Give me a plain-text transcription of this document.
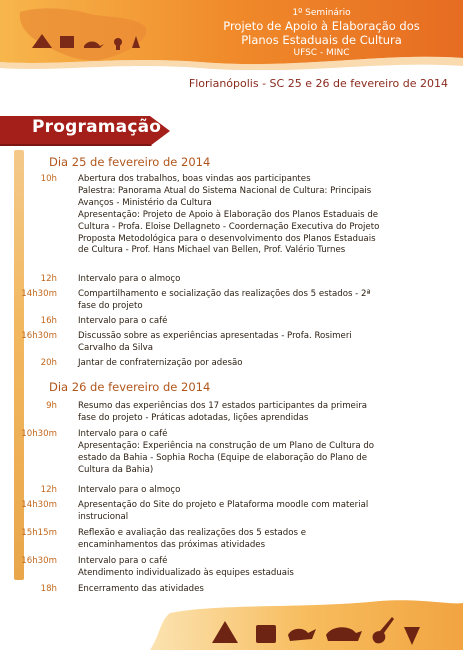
1º Seminário
Projeto de Apoio à Elaboração dos
Planos Estaduais de Cultura
UFSC - MINC
Florianópolis - SC 25 e 26 de fevereiro de 2014
Programação
Dia 25 de fevereiro de 2014
10h Abertura dos trabalhos, boas vindas aos participantes

Palestra: Panorama Atual do Sistema Nacional de Cultura: Principais

Avanços - Ministério da Cultura

Apresentação: Projeto de Apoio à Elaboração dos Planos Estaduais de

Cultura - Profa. Eloise Dellagneto - Coordernação Executiva do Projeto

Proposta Metodológica para o desenvolvimento dos Planos Estaduais

de Cultura - Prof. Hans Michael van Bellen, Prof. Valério Turnes

12h Intervalo para o almoço

14h30m Compartilhamento e socialização das realizações dos 5 estados - 2ª

fase do projeto

16h Intervalo para o café

16h30m Discussão sobre as experiências apresentadas - Profa. Rosimeri

Carvalho da Silva

20h Jantar de confraternização por adesão

Dia 26 de fevereiro de 2014
9h Resumo das experiências dos 17 estados participantes da primeira

fase do projeto - Práticas adotadas, lições aprendidas

10h30m Intervalo para o café

Apresentação: Experiência na construção de um Plano de Cultura do

estado da Bahia - Sophia Rocha (Equipe de elaboração do Plano de

Cultura da Bahia)

12h Intervalo para o almoço

14h30m Apresentação do Site do projeto e Plataforma moodle com material

instrucional

15h15m Reflexão e avaliação das realizações dos 5 estados e

encaminhamentos das próximas atividades

16h30m Intervalo para o café

Atendimento individualizado às equipes estaduais

18h Encerramento das atividades
